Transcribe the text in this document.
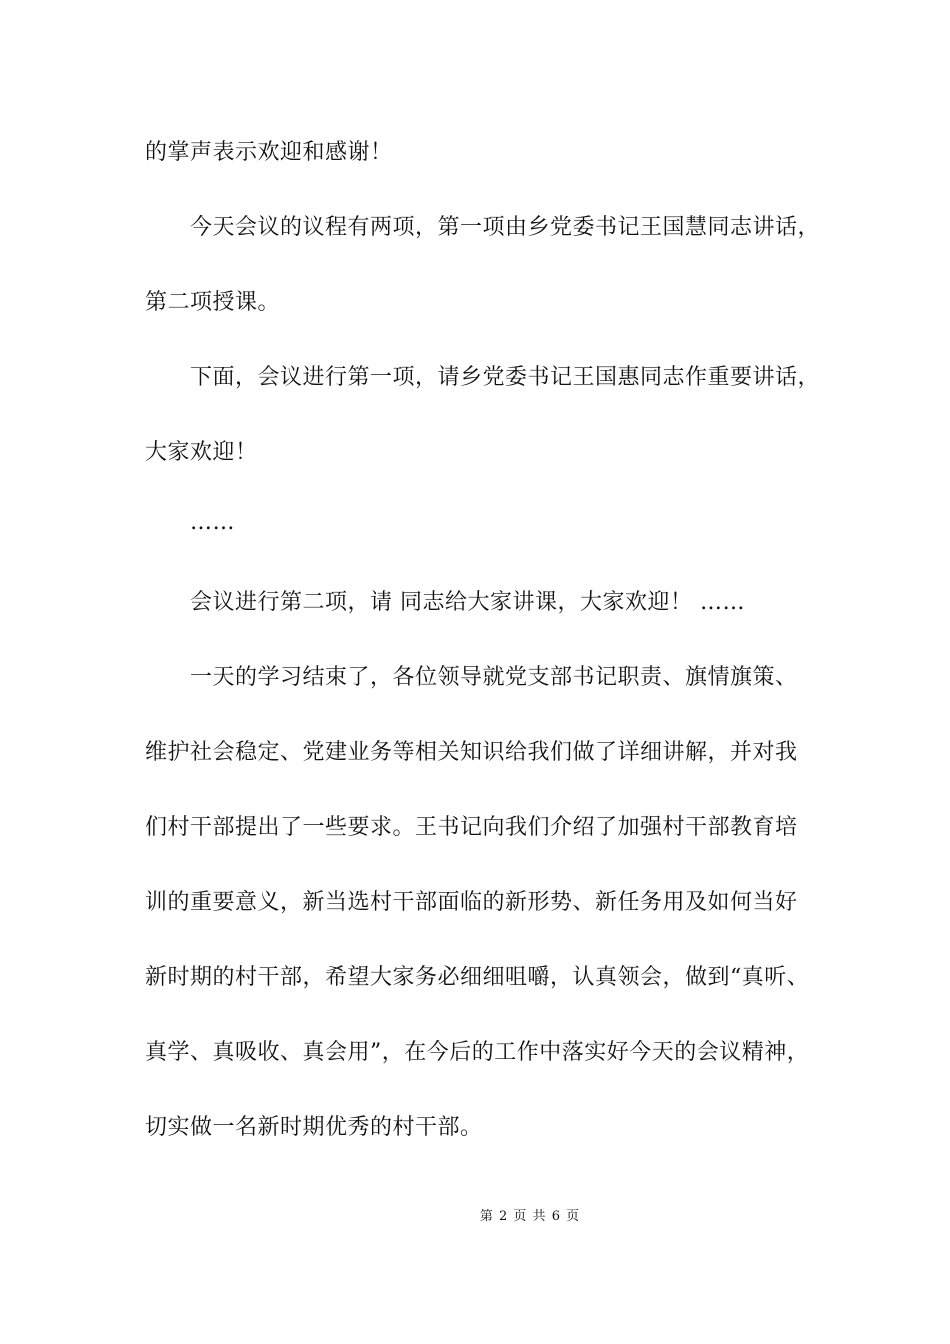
的掌声表示欢迎和感谢！
今天会议的议程有两项，第一项由乡党委书记王国慧同志讲话，
第二项授课。
下面，会议进行第一项，请乡党委书记王国惠同志作重要讲话，
大家欢迎！
……
会议进行第二项，请 同志给大家讲课，大家欢迎！ ……
一天的学习结束了，各位领导就党支部书记职责、旗情旗策、
维护社会稳定、党建业务等相关知识给我们做了详细讲解，并对我
们村干部提出了一些要求。王书记向我们介绍了加强村干部教育培
训的重要意义，新当选村干部面临的新形势、新任务用及如何当好
新时期的村干部，希望大家务必细细咀嚼，认真领会，做到“真听、
真学、真吸收、真会用”，在今后的工作中落实好今天的会议精神，
切实做一名新时期优秀的村干部。
第 2 页 共 6 页
